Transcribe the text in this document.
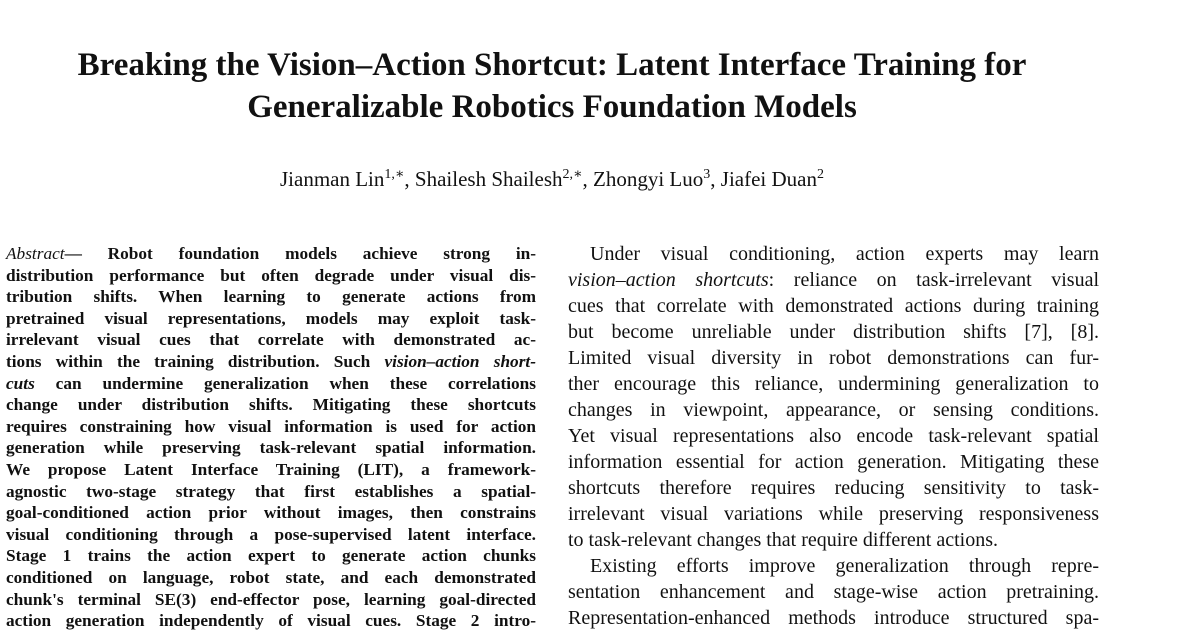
Breaking the Vision–Action Shortcut: Latent Interface Training for
Generalizable Robotics Foundation Models
Jianman Lin$^{1,∗}$, Shailesh Shailesh$^{2,∗}$, Zhongyi Luo$^3$, Jiafei Duan$^2$
Abstract— Robot foundation models achieve strong in-
distribution performance but often degrade under visual dis-
tribution shifts. When learning to generate actions from
pretrained visual representations, models may exploit task-
irrelevant visual cues that correlate with demonstrated ac-
tions within the training distribution. Such vision–action short-
cuts can undermine generalization when these correlations
change under distribution shifts. Mitigating these shortcuts
requires constraining how visual information is used for action
generation while preserving task-relevant spatial information.
We propose Latent Interface Training (LIT), a framework-
agnostic two-stage strategy that first establishes a spatial-
goal-conditioned action prior without images, then constrains
visual conditioning through a pose-supervised latent interface.
Stage 1 trains the action expert to generate action chunks
conditioned on language, robot state, and each demonstrated
chunk's terminal SE(3) end-effector pose, learning goal-directed
action generation independently of visual cues. Stage 2 intro-
Under visual conditioning, action experts may learn
vision–action shortcuts: reliance on task-irrelevant visual
cues that correlate with demonstrated actions during training
but become unreliable under distribution shifts [7], [8].
Limited visual diversity in robot demonstrations can fur-
ther encourage this reliance, undermining generalization to
changes in viewpoint, appearance, or sensing conditions.
Yet visual representations also encode task-relevant spatial
information essential for action generation. Mitigating these
shortcuts therefore requires reducing sensitivity to task-
irrelevant visual variations while preserving responsiveness
to task-relevant changes that require different actions.
Existing efforts improve generalization through repre-
sentation enhancement and stage-wise action pretraining.
Representation-enhanced methods introduce structured spa-
